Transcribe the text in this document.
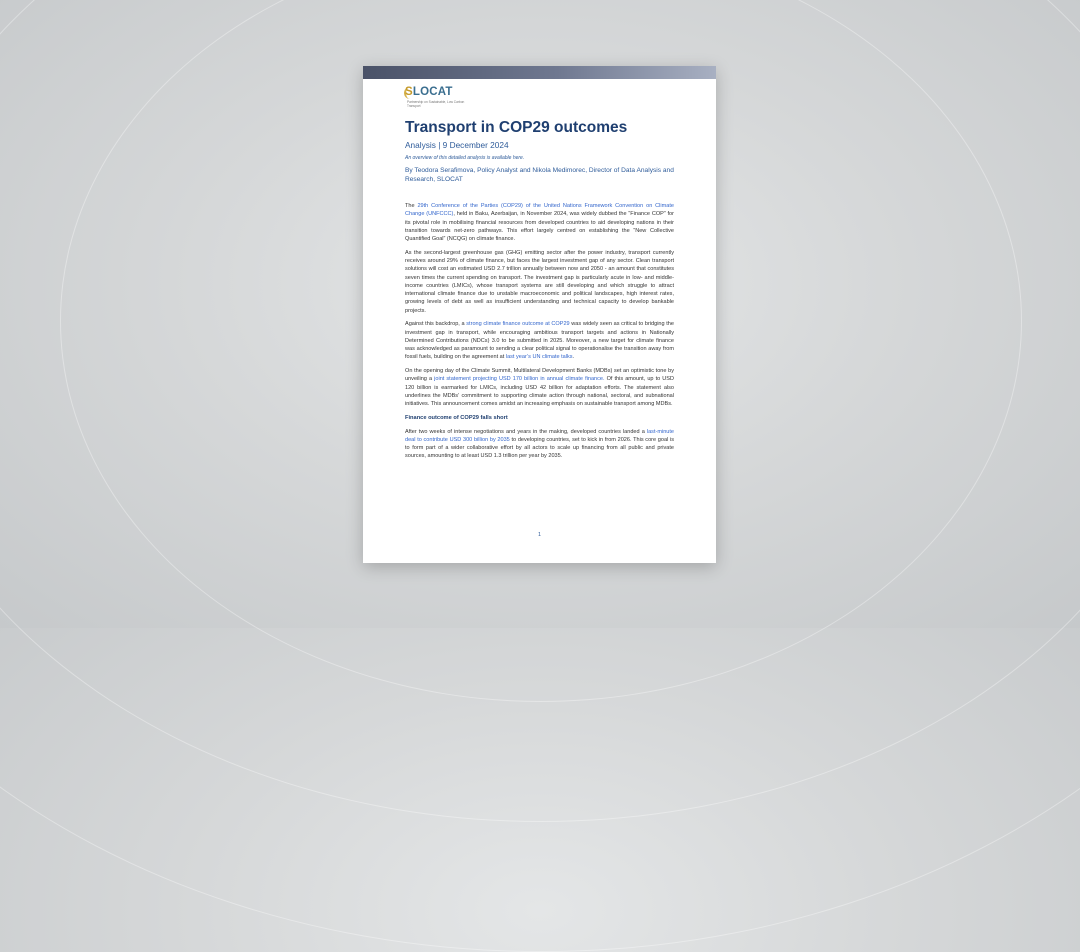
SLOCAT
Partnership on Sustainable, Low Carbon Transport
Transport in COP29 outcomes
Analysis | 9 December 2024
An overview of this detailed analysis is available here.
By Teodora Serafimova, Policy Analyst and Nikola Medimorec, Director of Data Analysis and Research, SLOCAT

The 29th Conference of the Parties (COP29) of the United Nations Framework Convention on Climate Change (UNFCCC), held in Baku, Azerbaijan, in November 2024, was widely dubbed the “Finance COP” for its pivotal role in mobilising financial resources from developed countries to aid developing nations in their transition towards net-zero pathways. This effort largely centred on establishing the “New Collective Quantified Goal” (NCQG) on climate finance.

As the second-largest greenhouse gas (GHG) emitting sector after the power industry, transport currently receives around 29% of climate finance, but faces the largest investment gap of any sector. Clean transport solutions will cost an estimated USD 2.7 trillion annually between now and 2050 - an amount that constitutes seven times the current spending on transport. The investment gap is particularly acute in low- and middle-income countries (LMICs), whose transport systems are still developing and which struggle to attract international climate finance due to unstable macroeconomic and political landscapes, high interest rates, growing levels of debt as well as insufficient understanding and technical capacity to develop bankable projects.

Against this backdrop, a strong climate finance outcome at COP29 was widely seen as critical to bridging the investment gap in transport, while encouraging ambitious transport targets and actions in Nationally Determined Contributions (NDCs) 3.0 to be submitted in 2025. Moreover, a new target for climate finance was acknowledged as paramount to sending a clear political signal to operationalise the transition away from fossil fuels, building on the agreement at last year’s UN climate talks.

On the opening day of the Climate Summit, Multilateral Development Banks (MDBs) set an optimistic tone by unveiling a joint statement projecting USD 170 billion in annual climate finance. Of this amount, up to USD 120 billion is earmarked for LMICs, including USD 42 billion for adaptation efforts. The statement also underlines the MDBs’ commitment to supporting climate action through national, sectoral, and subnational initiatives. This announcement comes amidst an increasing emphasis on sustainable transport among MDBs.

Finance outcome of COP29 falls short

After two weeks of intense negotiations and years in the making, developed countries landed a last-minute deal to contribute USD 300 billion by 2035 to developing countries, set to kick in from 2026. This core goal is to form part of a wider collaborative effort by all actors to scale up financing from all public and private sources, amounting to at least USD 1.3 trillion per year by 2035.

1
